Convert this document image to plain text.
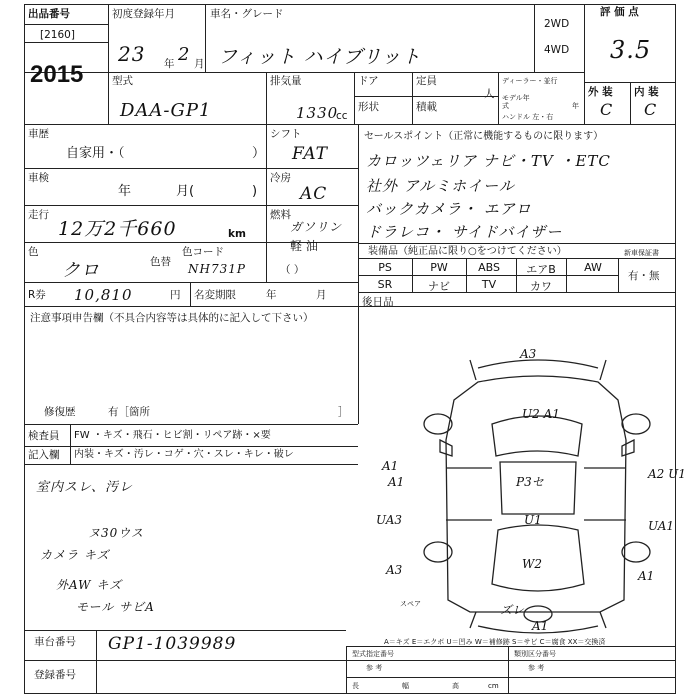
出品番号
[2160]
2015
初度登録年月	車名・グレード
2WD
4WD
評 価 点
外 装 内 装
23 年 2 月 フィット ハイブリット	3.5
C C
型式
DAA-GP1
排気量
1330
cc
ドア	定員
人
形状	積載
ディーラー・並行
モデル年式	年
ハンドル 左・右
車歴
自家用・（	）
シフト
FAT
車検
年	月(	)
冷房
AC
走行
12万2千660	km
燃料
ガソリン
軽 油
（ ）
色
クロ	色替
色コード
NH731P
R券 10,810	円 名変期限	年	月
セールスポイント（正常に機能するものに限ります）
カロッツェリア ナビ・TV ・ETC
社外 アルミホイール
バックカメラ・ エアロ
ドラレコ・ サイドバイザー
装備品（純正品に限り○をつけてください）	新車保証書
有・無
PS	PW	ABS	エアB	AW
SR	ナビ	TV	カワ
後日品
注意事項申告欄（不具合内容等は具体的に記入して下さい）
修復歴	有［箇所	］
検査員
記入欄
FW ・キズ・飛石・ヒビ割・リペア跡・×要
内装・キズ・汚レ・コゲ・穴・スレ・キレ・破レ
室内スレ、汚レ
ヌ30ウス
カメラ キズ
外AW キズ
モール サビA
A3
U2 A1
A1
P3セ
A1
A2 U1
UA3	U1	UA1
A1
W2
A3
ズレ
A1
スペア
A＝キズ E＝エクボ U＝凹み W＝補修跡 S＝サビ C＝腐食 XX＝交換済
車台番号 GP1-1039989
登録番号
型式指定番号
参 考
類別区分番号
参 考
長	幅	高	cm
